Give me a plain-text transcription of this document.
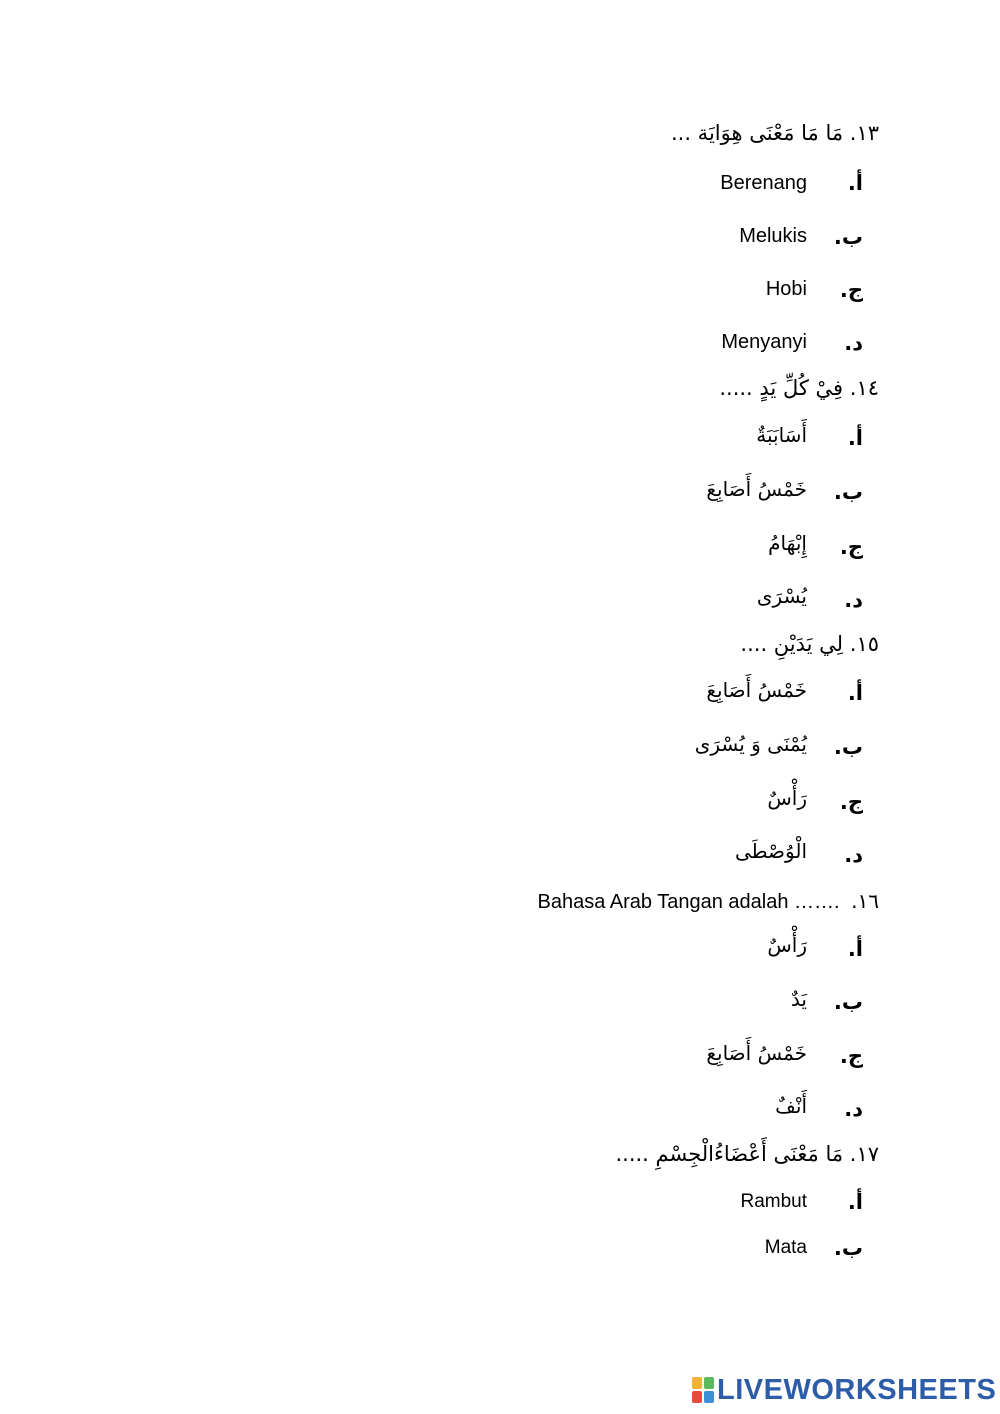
١٣. مَا مَا مَعْنَى هِوَايَة ...
أ.
Berenang
ب.
Melukis
ج.
Hobi
د.
Menyanyi
١٤. فِيْ كُلِّ يَدٍ .....
أ.
أَسَابَبَةٌ
ب.
خَمْسُ أَصَابِعَ
ج.
إِبْهَامُ
د.
يُسْرَى
١٥. لِي يَدَيْنِ ....
أ.
خَمْسُ أَصَابِعَ
ب.
يُمْنَى وَ يُسْرَى
ج.
رَأْسٌ
د.
الْوُصْطَى
Bahasa Arab Tangan adalah ……. .١٦
أ.
رَأْسٌ
ب.
يَدٌ
ج.
خَمْسُ أَصَابِعَ
د.
أَنْفٌ
١٧. مَا مَعْنَى أَعْضَاءُالْجِسْمِ .....
أ.
Rambut
ب.
Mata
LIVEWORKSHEETS
